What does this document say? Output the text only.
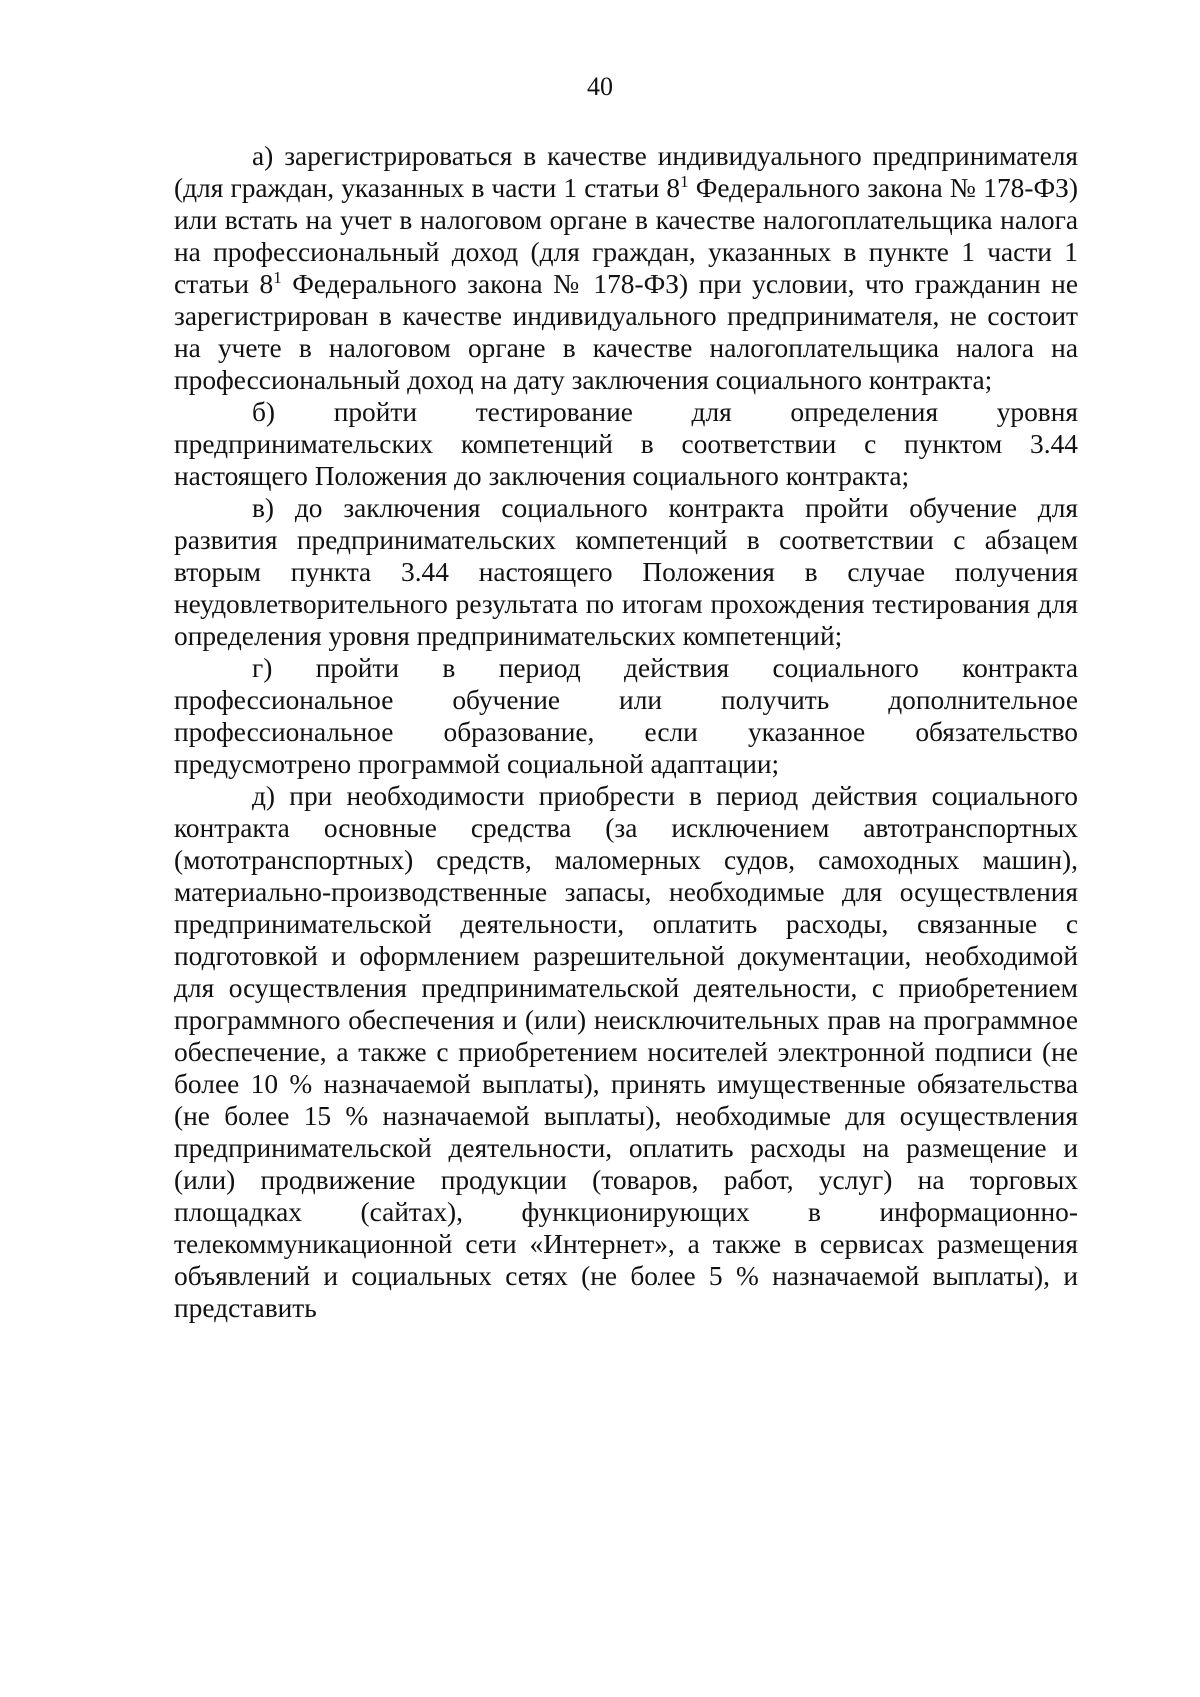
40

а) зарегистрироваться в качестве индивидуального предпринимателя (для граждан, указанных в части 1 статьи $8^1$ Федерального закона № 178-ФЗ) или встать на учет в налоговом органе в качестве налогоплательщика налога на профессиональный доход (для граждан, указанных в пункте 1 части 1 статьи $8^1$ Федерального закона № 178-ФЗ) при условии, что гражданин не зарегистрирован в качестве индивидуального предпринимателя, не состоит на учете в налоговом органе в качестве налогоплательщика налога на профессиональный доход на дату заключения социального контракта;

б) пройти тестирование для определения уровня предпринимательских компетенций в соответствии с пунктом 3.44 настоящего Положения до заключения социального контракта;

в) до заключения социального контракта пройти обучение для развития предпринимательских компетенций в соответствии с абзацем вторым пункта 3.44 настоящего Положения в случае получения неудовлетворительного результата по итогам прохождения тестирования для определения уровня предпринимательских компетенций;

г) пройти в период действия социального контракта профессиональное обучение или получить дополнительное профессиональное образование, если указанное обязательство предусмотрено программой социальной адаптации;

д) при необходимости приобрести в период действия социального контракта основные средства (за исключением автотранспортных (мототранспортных) средств, маломерных судов, самоходных машин), материально-производственные запасы, необходимые для осуществления предпринимательской деятельности, оплатить расходы, связанные с подготовкой и оформлением разрешительной документации, необходимой для осуществления предпринимательской деятельности, с приобретением программного обеспечения и (или) неисключительных прав на программное обеспечение, а также с приобретением носителей электронной подписи (не более 10 % назначаемой выплаты), принять имущественные обязательства (не более 15 % назначаемой выплаты), необходимые для осуществления предпринимательской деятельности, оплатить расходы на размещение и (или) продвижение продукции (товаров, работ, услуг) на торговых площадках (сайтах), функционирующих в информационно-телекоммуникационной сети «Интернет», а также в сервисах размещения объявлений и социальных сетях (не более 5 % назначаемой выплаты), и представить
